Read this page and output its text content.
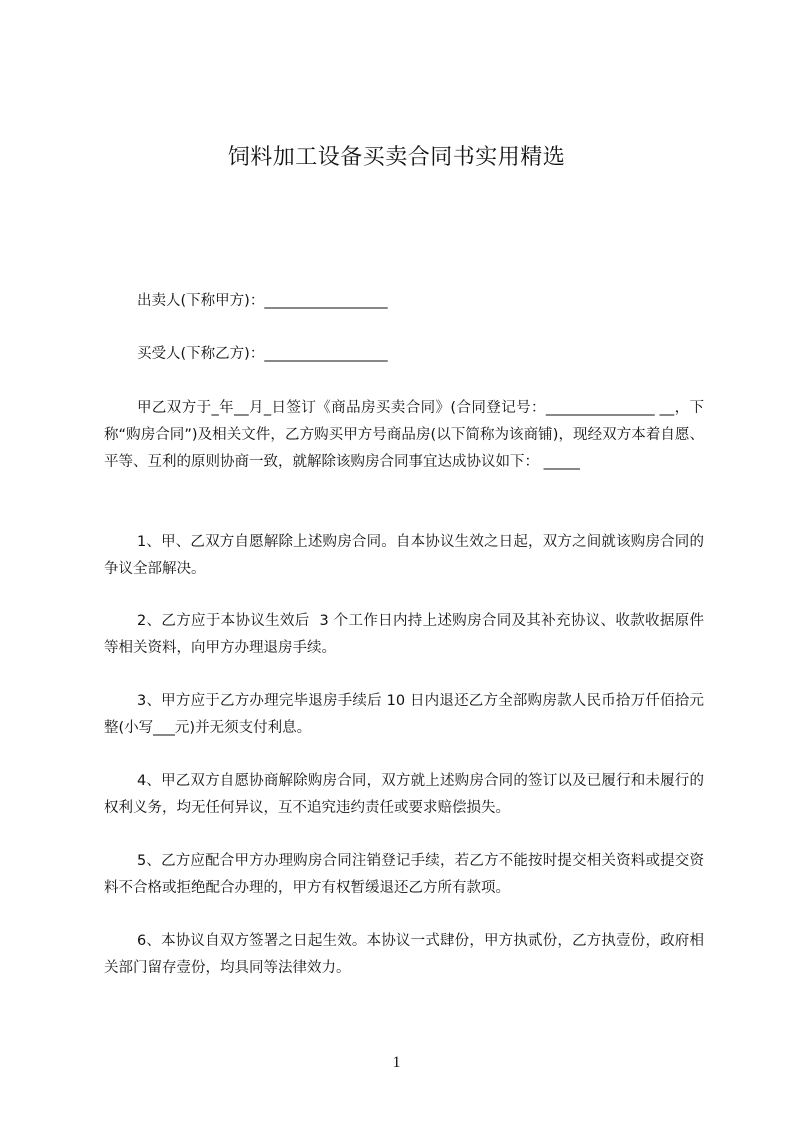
饲料加工设备买卖合同书实用精选
出卖人(下称甲方)：_________________
买受人(下称乙方)：_________________
甲乙双方于_年__月_日签订《商品房买卖合同》(合同登记号：_______________ __，下称“购房合同”)及相关文件，乙方购买甲方号商品房(以下简称为该商铺)，现经双方本着自愿、平等、互利的原则协商一致，就解除该购房合同事宜达成协议如下： _____
1、甲、乙双方自愿解除上述购房合同。自本协议生效之日起，双方之间就该购房合同的争议全部解决。
2、乙方应于本协议生效后  3 个工作日内持上述购房合同及其补充协议、收款收据原件等相关资料，向甲方办理退房手续。
3、甲方应于乙方办理完毕退房手续后 10 日内退还乙方全部购房款人民币拾万仟佰拾元整(小写___元)并无须支付利息。
4、甲乙双方自愿协商解除购房合同，双方就上述购房合同的签订以及已履行和未履行的权利义务，均无任何异议，互不追究违约责任或要求赔偿损失。
5、乙方应配合甲方办理购房合同注销登记手续，若乙方不能按时提交相关资料或提交资料不合格或拒绝配合办理的，甲方有权暂缓退还乙方所有款项。
6、本协议自双方签署之日起生效。本协议一式肆份，甲方执贰份，乙方执壹份，政府相关部门留存壹份，均具同等法律效力。
1
